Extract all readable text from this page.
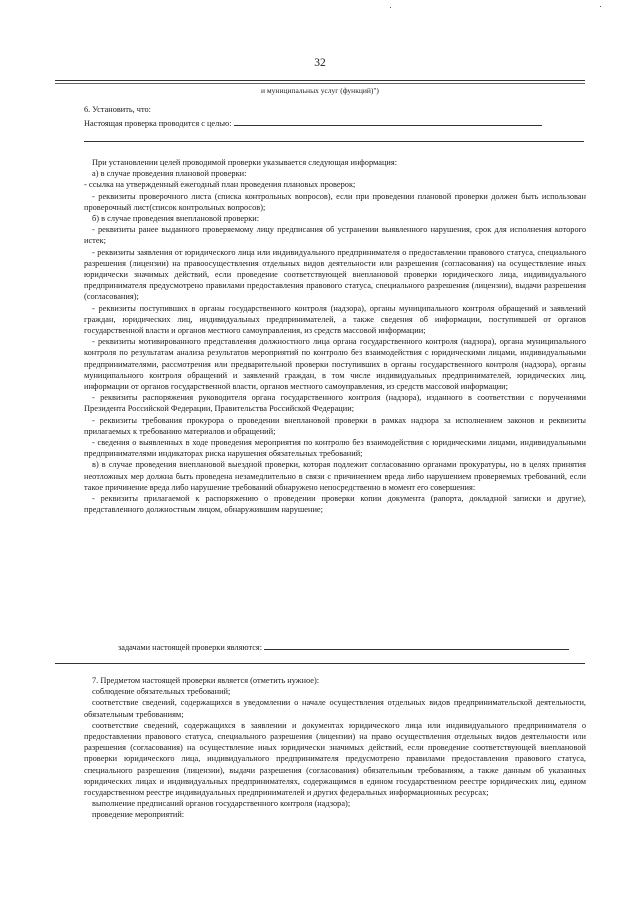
32
и муниципальных услуг (функций)")
6. Установить, что:
Настоящая проверка проводится с целью:

При установлении целей проводимой проверки указывается следующая информация:

а) в случае проведения плановой проверки:

- ссылка на утвержденный ежегодный план проведения плановых проверок;

- реквизиты проверочного листа (списка контрольных вопросов), если при проведении плановой проверки должен быть использован проверочный лист(список контрольных вопросов);

б) в случае проведения внеплановой проверки:

- реквизиты ранее выданного проверяемому лицу предписания об устранении выявленного нарушения, срок для исполнения которого истек;

- реквизиты заявления от юридического лица или индивидуального предпринимателя о предоставлении правового статуса, специального разрешения (лицензии) на правоосуществления отдельных видов деятельности или разрешения (согласования) на осуществление иных юридически значимых действий, если проведение соответствующей внеплановой проверки юридического лица, индивидуального предпринимателя предусмотрено правилами предоставления правового статуса, специального разрешения (лицензии), выдачи разрешения (согласования);

- реквизиты поступивших в органы государственного контроля (надзора), органы муниципального контроля обращений и заявлений граждан, юридических лиц, индивидуальных предпринимателей, а также сведения об информации, поступившей от органов государственной власти и органов местного самоуправления, из средств массовой информации;

- реквизиты мотивированного представления должностного лица органа государственного контроля (надзора), органа муниципального контроля по результатам анализа результатов мероприятий по контролю без взаимодействия с юридическими лицами, индивидуальными предпринимателями, рассмотрения или предварительной проверки поступивших в органы государственного контроля (надзора), органы муниципального контроля обращений и заявлений граждан, в том числе индивидуальных предпринимателей, юридических лиц, информации от органов государственной власти, органов местного самоуправления, из средств массовой информации;

- реквизиты распоряжения руководителя органа государственного контроля (надзора), изданного в соответствии с поручениями Президента Российской Федерации, Правительства Российской Федерации;

- реквизиты требования прокурора о проведении внеплановой проверки в рамках надзора за исполнением законов и реквизиты прилагаемых к требованию материалов и обращений;

- сведения о выявленных в ходе проведения мероприятия по контролю без взаимодействия с юридическими лицами, индивидуальными предпринимателями индикаторах риска нарушения обязательных требований;

в) в случае проведения внеплановой выездной проверки, которая подлежит согласованию органами прокуратуры, но в целях принятия неотложных мер должна быть проведена незамедлительно в связи с причинением вреда либо нарушением проверяемых требований, если такое причинение вреда либо нарушение требований обнаружено непосредственно в момент его совершения:

- реквизиты прилагаемой к распоряжению о проведении проверки копии документа (рапорта, докладной записки и другие), представленного должностным лицом, обнаружившим нарушение;

задачами настоящей проверки являются:

7. Предметом настоящей проверки является (отметить нужное):

соблюдение обязательных требований;

соответствие сведений, содержащихся в уведомлении о начале осуществления отдельных видов предпринимательской деятельности, обязательным требованиям;

соответствие сведений, содержащихся в заявлении и документах юридического лица или индивидуального предпринимателя о предоставлении правового статуса, специального разрешения (лицензии) на право осуществления отдельных видов деятельности или разрешения (согласования) на осуществление иных юридически значимых действий, если проведение соответствующей внеплановой проверки юридического лица, индивидуального предпринимателя предусмотрено правилами предоставления правового статуса, специального разрешения (лицензии), выдачи разрешения (согласования) обязательным требованиям, а также данным об указанных юридических лицах и индивидуальных предпринимателях, содержащимся в едином государственном реестре юридических лиц, едином государственном реестре индивидуальных предпринимателей и других федеральных информационных ресурсах;

выполнение предписаний органов государственного контроля (надзора);

проведение мероприятий:
